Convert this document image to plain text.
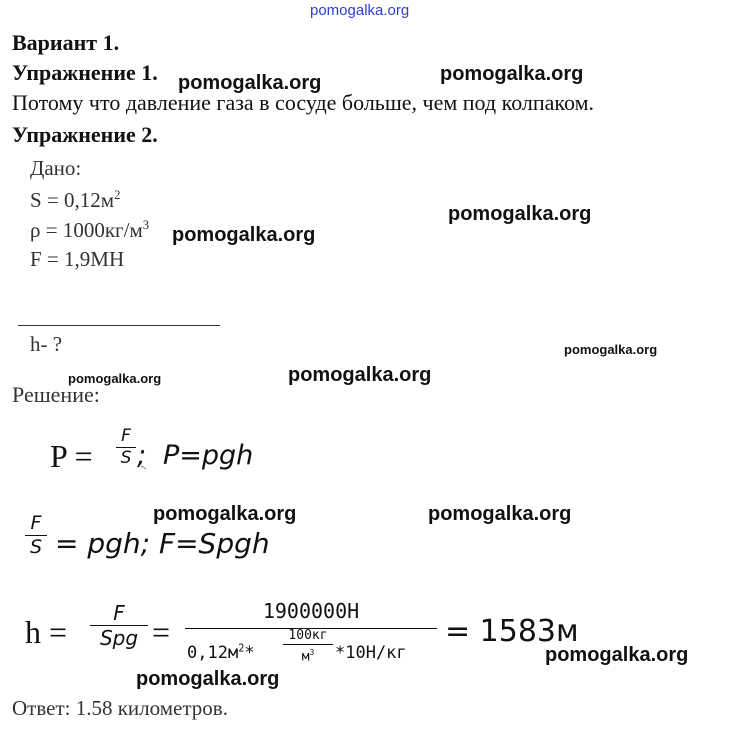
pomogalka.org
Вариант 1.
Упражнение 1.
Потому что давление газа в сосуде больше, чем под колпаком.
Упражнение 2.
Дано:
$S = 0,12м^2$
$\rho = 1000кг/м^3$
F = 1,9МН
h- ?
Решение:
P =
F
S ; P=pgh
F
S = pgh; F=Spgh
h =
F
Spg =
1900000Н
$0,12м^2*$
100кг
$м^3$	*10Н/кг
= 1583м
Ответ: 1.58 километров.
pomogalka.org	pomogalka.org
pomogalka.org
pomogalka.org
pomogalka.org
pomogalka.org	pomogalka.org
pomogalka.org	pomogalka.org
pomogalka.org
pomogalka.org
